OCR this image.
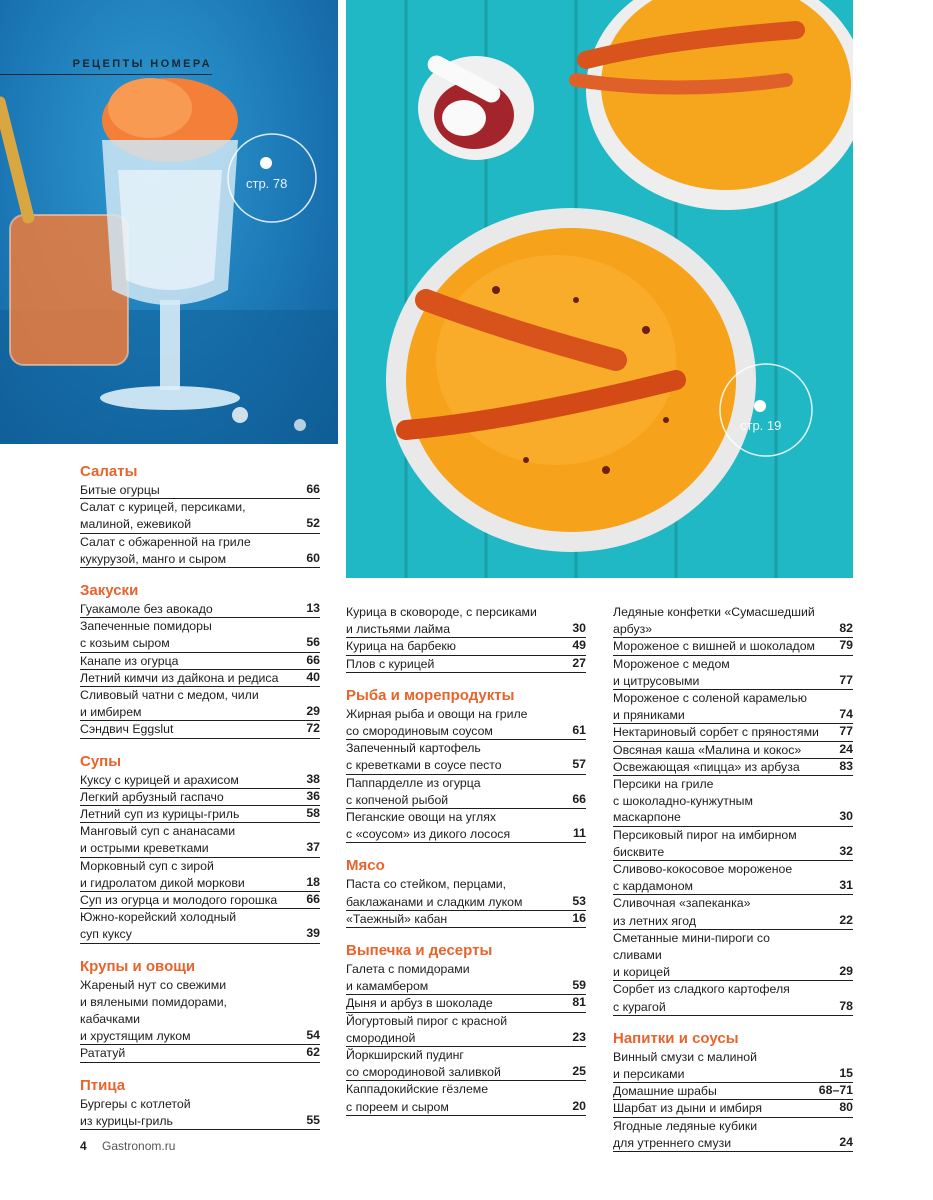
РЕЦЕПТЫ НОМЕРА
стр. 78
стр. 19
Салаты
Битые огурцы	66
Салат с курицей, персиками,
малиной, ежевикой	52
Салат с обжаренной на гриле
кукурузой, манго и сыром	60
Закуски
Гуакамоле без авокадо	13
Запеченные помидоры
с козьим сыром	56
Канапе из огурца	66
Летний кимчи из дайкона и редиса	40
Сливовый чатни с медом, чили
и имбирем	29
Сэндвич Eggslut	72
Супы
Куксу с курицей и арахисом	38
Легкий арбузный гаспачо	36
Летний суп из курицы-гриль	58
Манговый суп с ананасами
и острыми креветками	37
Морковный суп с зирой
и гидролатом дикой моркови	18
Суп из огурца и молодого горошка	66
Южно-корейский холодный
суп куксу	39
Крупы и овощи
Жареный нут со свежими
и вялеными помидорами, кабачками
и хрустящим луком	54
Рататуй	62
Птица
Бургеры с котлетой
из курицы-гриль	55
Курица в сковороде, с персиками
и листьями лайма	30
Курица на барбекю	49
Плов с курицей	27
Рыба и морепродукты
Жирная рыба и овощи на гриле
со смородиновым соусом	61
Запеченный картофель
с креветками в соусе песто	57
Паппарделле из огурца
с копченой рыбой	66
Пеганские овощи на углях
с «соусом» из дикого лосося	11
Мясо
Паста со стейком, перцами,
баклажанами и сладким луком	53
«Таежный» кабан	16
Выпечка и десерты
Галета с помидорами
и камамбером	59
Дыня и арбуз в шоколаде	81
Йогуртовый пирог с красной
смородиной	23
Йоркширский пудинг
со смородиновой заливкой	25
Каппадокийские гёзлеме
с пореем и сыром	20
Ледяные конфетки «Сумасшедший
арбуз»	82
Мороженое с вишней и шоколадом	79
Мороженое с медом
и цитрусовыми	77
Мороженое с соленой карамелью
и пряниками	74
Нектариновый сорбет с пряностями	77
Овсяная каша «Малина и кокос»	24
Освежающая «пицца» из арбуза	83
Персики на гриле
с шоколадно-кунжутным маскарпоне	30
Персиковый пирог на имбирном
бисквите	32
Сливово-кокосовое мороженое
с кардамоном	31
Сливочная «запеканка»
из летних ягод	22
Сметанные мини-пироги со сливами
и корицей	29
Сорбет из сладкого картофеля
с курагой	78
Напитки и соусы
Винный смузи с малиной
и персиками	15
Домашние шрабы	68–71
Шарбат из дыни и имбиря	80
Ягодные ледяные кубики
для утреннего смузи	24
4 Gastronom.ru
